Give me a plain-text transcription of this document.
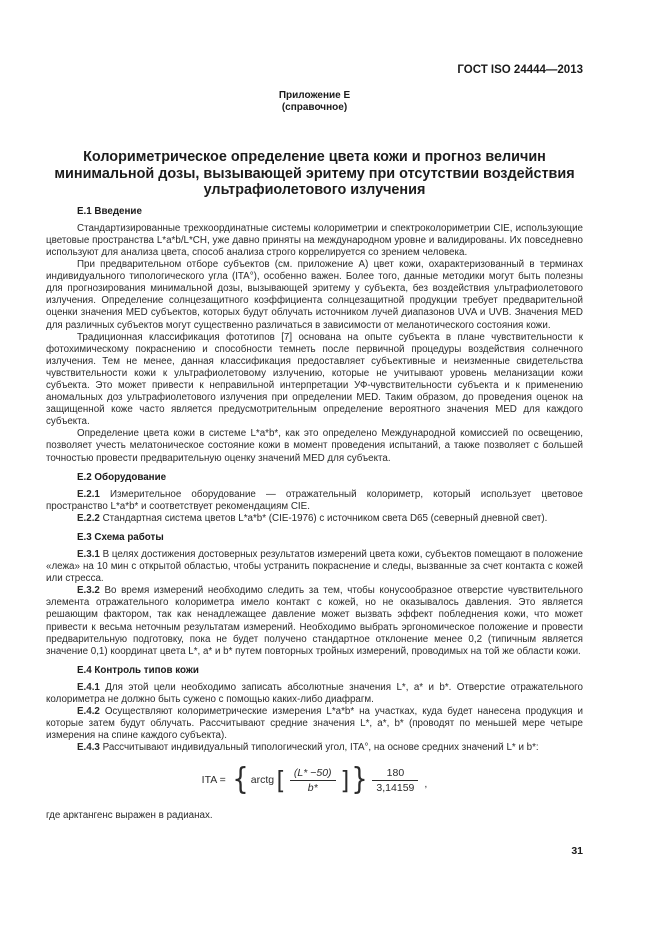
ГОСТ ISO 24444—2013
Приложение Е
(справочное)
Колориметрическое определение цвета кожи и прогноз величин минимальной дозы, вызывающей эритему при отсутствии воздействия ультрафиолетового излучения
Е.1 Введение

Стандартизированные трехкоординатные системы колориметрии и спектроколориметрии CIE, использующие цветовые пространства L*a*b/L*CH, уже давно приняты на международном уровне и валидированы. Их повседневно используют для анализа цвета, способ анализа строго коррелируется со зрением человека.

При предварительном отборе субъектов (см. приложение А) цвет кожи, охарактеризованный в терминах индивидуального типологического угла (ITA°), особенно важен. Более того, данные методики могут быть полезны для прогнозирования минимальной дозы, вызывающей эритему у субъекта, без воздействия ультрафиолетового излучения. Определение солнцезащитного коэффициента солнцезащитной продукции требует предварительной оценки значения MED субъектов, которых будут облучать источником лучей диапазонов UVA и UVB. Значения MED для различных субъектов могут существенно различаться в зависимости от меланотического состояния кожи.

Традиционная классификация фототипов [7] основана на опыте субъекта в плане чувствительности к фотохимическому покраснению и способности темнеть после первичной процедуры воздействия солнечного излучения. Тем не менее, данная классификация предоставляет субъективные и неизменные свидетельства чувствительности кожи к ультрафиолетовому излучению, которые не учитывают уровень меланизации кожи субъекта. Это может привести к неправильной интерпретации УФ-чувствительности субъекта и к применению аномальных доз ультрафиолетового излучения при определении MED. Таким образом, до проведения оценок на защищенной коже часто является предусмотрительным определение вероятного значения MED для каждого субъекта.

Определение цвета кожи в системе L*a*b*, как это определено Международной комиссией по освещению, позволяет учесть мелатоническое состояние кожи в момент проведения испытаний, а также позволяет с большей точностью провести предварительную оценку значений MED для субъекта.

Е.2 Оборудование

Е.2.1 Измерительное оборудование — отражательный колориметр, который использует цветовое пространство L*a*b* и соответствует рекомендациям CIE.

Е.2.2 Стандартная система цветов L*a*b* (CIE-1976) с источником света D65 (северный дневной свет).

Е.3 Схема работы

Е.3.1 В целях достижения достоверных результатов измерений цвета кожи, субъектов помещают в положение «лежа» на 10 мин с открытой областью, чтобы устранить покраснение и следы, вызванные за счет контакта с кожей или стресса.

Е.3.2 Во время измерений необходимо следить за тем, чтобы конусообразное отверстие чувствительного элемента отражательного колориметра имело контакт с кожей, но не оказывалось давления. Это является решающим фактором, так как ненадлежащее давление может вызвать эффект побледнения кожи, что может привести к весьма неточным результатам измерений. Необходимо выбрать эргономическое положение и провести предварительную подготовку, пока не будет получено стандартное отклонение менее 0,2 (типичным является значение 0,1) координат цвета L*, a* и b* путем повторных тройных измерений, проводимых на той же области кожи.

Е.4 Контроль типов кожи

Е.4.1 Для этой цели необходимо записать абсолютные значения L*, a* и b*. Отверстие отражательного колориметра не должно быть сужено с помощью каких-либо диафрагм.

Е.4.2 Осуществляют колориметрические измерения L*a*b* на участках, куда будет нанесена продукция и которые затем будут облучать. Рассчитывают средние значения L*, a*, b* (проводят по меньшей мере четыре измерения на спине каждого субъекта).

Е.4.3 Рассчитывают индивидуальный типологический угол, ITA°, на основе средних значений L* и b*:

ITA = { arctg [ $\frac{(L* -50)}{b*}$ ] } $\frac{180}{3,14159}$ ,
где арктангенс выражен в радианах.
31
